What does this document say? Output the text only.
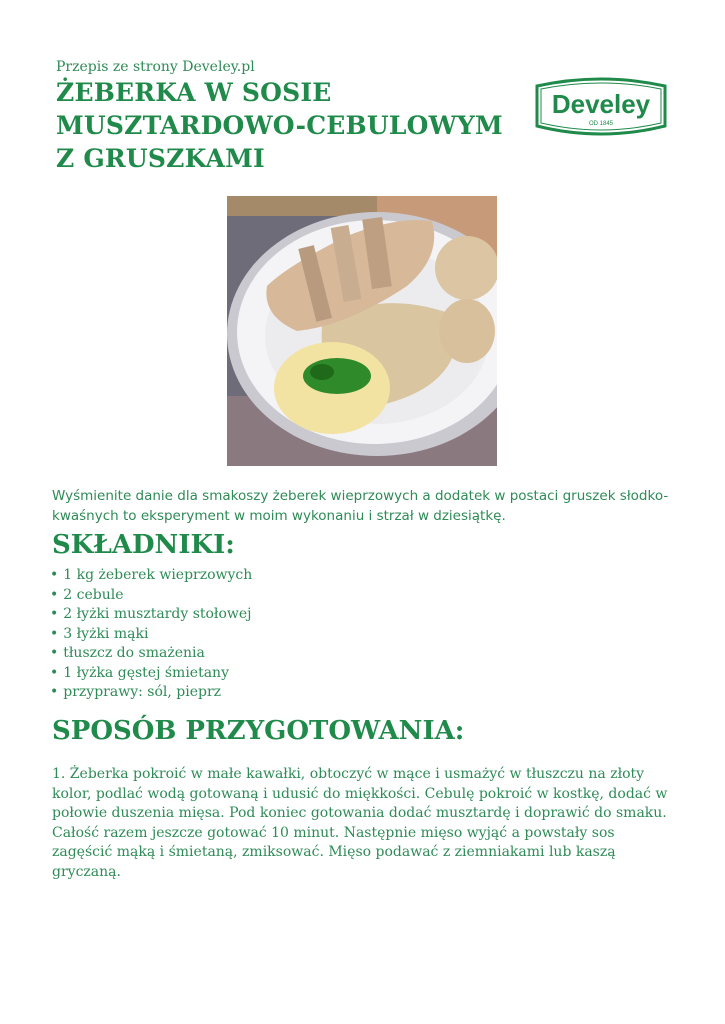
Przepis ze strony Develey.pl
ŻEBERKA W SOSIE MUSZTARDOWO-CEBULOWYM Z GRUSZKAMI
Develey
OD 1845

Wyśmienite danie dla smakoszy żeberek wieprzowych a dodatek w postaci gruszek słodko-kwaśnych to eksperyment w moim wykonaniu i strzał w dziesiątkę.

SKŁADNIKI:
• 1 kg żeberek wieprzowych
• 2 cebule
• 2 łyżki musztardy stołowej
• 3 łyżki mąki
• tłuszcz do smażenia
• 1 łyżka gęstej śmietany
• przyprawy: sól, pieprz
SPOSÓB PRZYGOTOWANIA:

1. Żeberka pokroić w małe kawałki, obtoczyć w mące i usmażyć w tłuszczu na złoty kolor, podlać wodą gotowaną i udusić do miękkości. Cebulę pokroić w kostkę, dodać w połowie duszenia mięsa. Pod koniec gotowania dodać musztardę i doprawić do smaku. Całość razem jeszcze gotować 10 minut. Następnie mięso wyjąć a powstały sos zagęścić mąką i śmietaną, zmiksować. Mięso podawać z ziemniakami lub kaszą gryczaną.
